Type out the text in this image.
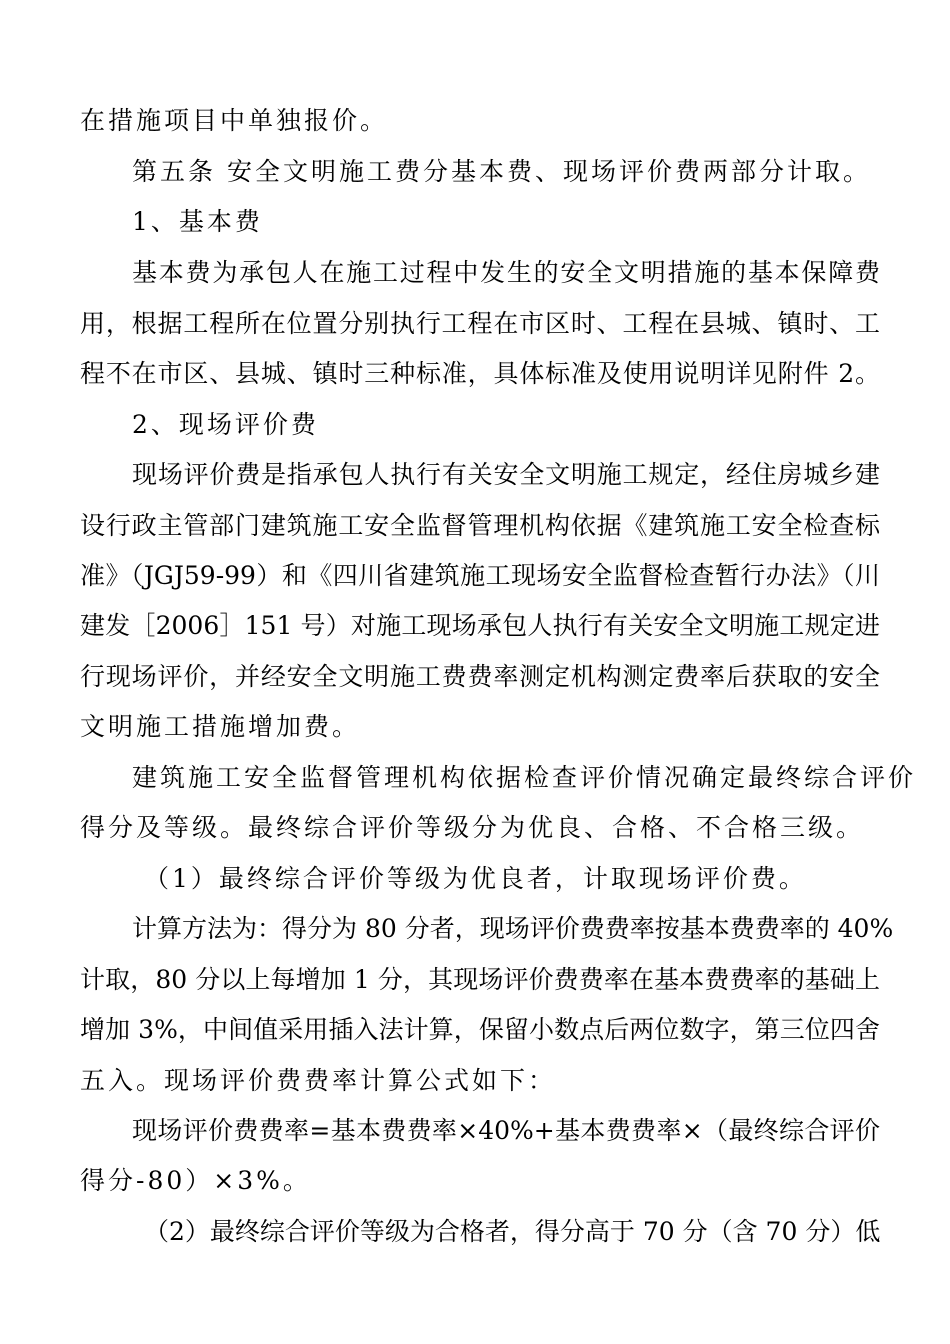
在措施项目中单独报价。
第五条 安全文明施工费分基本费、现场评价费两部分计取。
1、基本费
基本费为承包人在施工过程中发生的安全文明措施的基本保障费
用，根据工程所在位置分别执行工程在市区时、工程在县城、镇时、工
程不在市区、县城、镇时三种标准，具体标准及使用说明详见附件 2。
2、现场评价费
现场评价费是指承包人执行有关安全文明施工规定，经住房城乡建
设行政主管部门建筑施工安全监督管理机构依据《建筑施工安全检查标
准》（JGJ59-99）和《四川省建筑施工现场安全监督检查暂行办法》（川
建发［2006］151 号）对施工现场承包人执行有关安全文明施工规定进
行现场评价，并经安全文明施工费费率测定机构测定费率后获取的安全
文明施工措施增加费。
建筑施工安全监督管理机构依据检查评价情况确定最终综合评价
得分及等级。最终综合评价等级分为优良、合格、不合格三级。
（1）最终综合评价等级为优良者，计取现场评价费。
计算方法为：得分为 80 分者，现场评价费费率按基本费费率的 40%
计取，80 分以上每增加 1 分，其现场评价费费率在基本费费率的基础上
增加 3%，中间值采用插入法计算，保留小数点后两位数字，第三位四舍
五入。现场评价费费率计算公式如下：
现场评价费费率=基本费费率×40%+基本费费率×（最终综合评价
得分-80）×3%。
（2）最终综合评价等级为合格者，得分高于 70 分（含 70 分）低
